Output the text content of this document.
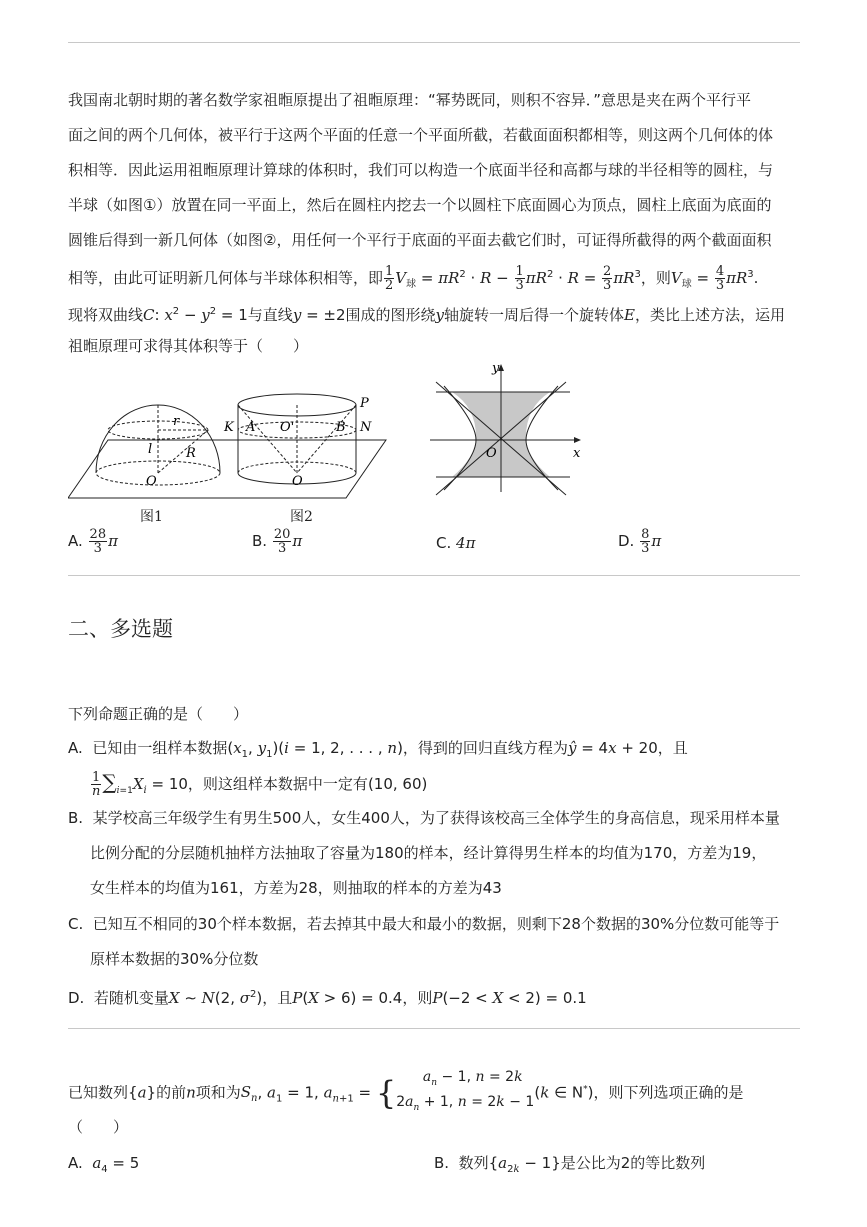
我国南北朝时期的著名数学家祖暅原提出了祖暅原理：“幂势既同，则积不容异．”意思是夹在两个平行平
面之间的两个几何体，被平行于这两个平面的任意一个平面所截，若截面面积都相等，则这两个几何体的体
积相等．因此运用祖暅原理计算球的体积时，我们可以构造一个底面半径和高都与球的半径相等的圆柱，与
半球（如图①）放置在同一平面上，然后在圆柱内挖去一个以圆柱下底面圆心为顶点，圆柱上底面为底面的
圆锥后得到一新几何体（如图②，用任何一个平行于底面的平面去截它们时，可证得所截得的两个截面面积
相等，由此可证明新几何体与半球体积相等，即 $\frac{1}{2} V_球 = \pi R^2 \cdot R - \frac{1}{3} \pi R^2 \cdot R = \frac{2}{3} \pi R^3$，则$V_球 = \frac{4}{3} \pi R^3$.
现将双曲线C: $x^2 - y^2 = 1$与直线y = ±2围成的图形绕y轴旋转一周后得一个旋转体E，类比上述方法，运用
祖暅原理可求得其体积等于（　　）
r
l	R
O
P
K A O'	B N
O
图1	图2
y
x
O
A. $\frac{28}{3}$ π	B. $\frac{20}{3}$ π	C. 4π	D. $\frac{8}{3}$ π
二、多选题
下列命题正确的是（　　）
A.  已知由一组样本数据($x_1$, $y_1)(i = 1$, 2, . . . , n)，得到的回归直线方程为ŷ = 4x + 20，且
$\frac{1}{n} \sum_{i=1}X_i = 10$，则这组样本数据中一定有(10, 60)
B.  某学校高三年级学生有男生500人，女生400人，为了获得该校高三全体学生的身高信息，现采用样本量
比例分配的分层随机抽样方法抽取了容量为180的样本，经计算得男生样本的均值为170，方差为19，
女生样本的均值为161，方差为28，则抽取的样本的方差为43
C.  已知互不相同的30个样本数据，若去掉其中最大和最小的数据，则剩下28个数据的30%分位数可能等于
原样本数据的30%分位数
D.  若随机变量X ∼ N(2, $\sigma^2$)，且P(X > 6) = 0.4，则P(−2 < X < 2) = 0.1
已知数列{a}的前n项和为$S_n$, $a_1 = 1$, $a_{n+1}$ = { $a_n - 1$, n = 2k
$2a_n + 1$, n = 2k − 1(k ∈ N*)，则下列选项正确的是
（　　）
A.  $a_4 = 5$	B.  数列$\{a_{2k} - 1\}$是公比为2的等比数列
